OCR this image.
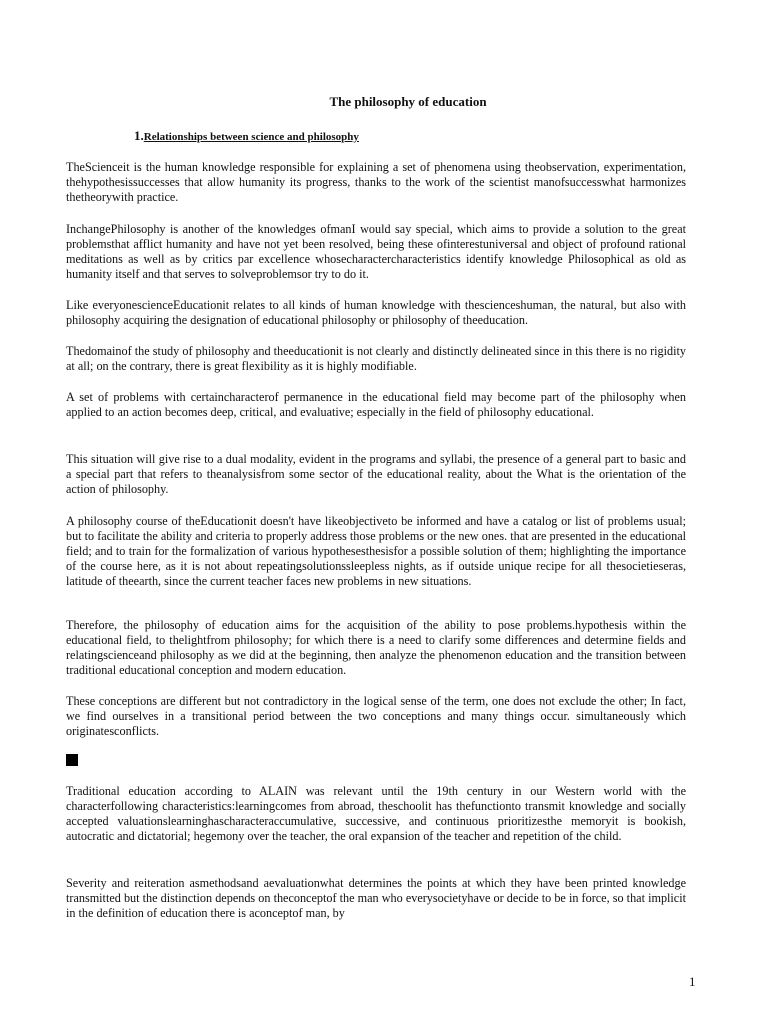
The philosophy of education
1.Relationships between science and philosophy
TheScienceit is the human knowledge responsible for explaining a set of phenomena using theobservation, experimentation, thehypothesissuccesses that allow humanity its progress, thanks to the work of the scientist manofsuccesswhat harmonizes thetheorywith practice.
InchangePhilosophy is another of the knowledges ofmanI would say special, which aims to provide a solution to the great problemsthat afflict humanity and have not yet been resolved, being these ofinterestuniversal and object of profound rational meditations as well as by critics par excellence whosecharactercharacteristics identify knowledge Philosophical as old as humanity itself and that serves to solveproblemsor try to do it.
Like everyonescienceEducationit relates to all kinds of human knowledge with thescienceshuman, the natural, but also with philosophy acquiring the designation of educational philosophy or philosophy of theeducation.
Thedomainof the study of philosophy and theeducationit is not clearly and distinctly delineated since in this there is no rigidity at all; on the contrary, there is great flexibility as it is highly modifiable.
A set of problems with certaincharacterof permanence in the educational field may become part of the philosophy when applied to an action becomes deep, critical, and evaluative; especially in the field of philosophy educational.
This situation will give rise to a dual modality, evident in the programs and syllabi, the presence of a general part to basic and a special part that refers to theanalysisfrom some sector of the educational reality, about the What is the orientation of the action of philosophy.
A philosophy course of theEducationit doesn't have likeobjectiveto be informed and have a catalog or list of problems usual; but to facilitate the ability and criteria to properly address those problems or the new ones. that are presented in the educational field; and to train for the formalization of various hypothesesthesisfor a possible solution of them; highlighting the importance of the course here, as it is not about repeatingsolutionssleepless nights, as if outside unique recipe for all thesocietieseras, latitude of theearth, since the current teacher faces new problems in new situations.
Therefore, the philosophy of education aims for the acquisition of the ability to pose problems.hypothesis within the educational field, to thelightfrom philosophy; for which there is a need to clarify some differences and determine fields and relatingscienceand philosophy as we did at the beginning, then analyze the phenomenon education and the transition between traditional educational conception and modern education.
These conceptions are different but not contradictory in the logical sense of the term, one does not exclude the other; In fact, we find ourselves in a transitional period between the two conceptions and many things occur. simultaneously which originatesconflicts.
Traditional education according to ALAIN was relevant until the 19th century in our Western world with the characterfollowing characteristics:learningcomes from abroad, theschoolit has thefunctionto transmit knowledge and socially accepted valuationslearninghascharacteraccumulative, successive, and continuous prioritizesthe memoryit is bookish, autocratic and dictatorial; hegemony over the teacher, the oral expansion of the teacher and repetition of the child.
Severity and reiteration asmethodsand aevaluationwhat determines the points at which they have been printed knowledge transmitted but the distinction depends on theconceptof the man who everysocietyhave or decide to be in force, so that implicit in the definition of education there is aconceptof man, by
1
